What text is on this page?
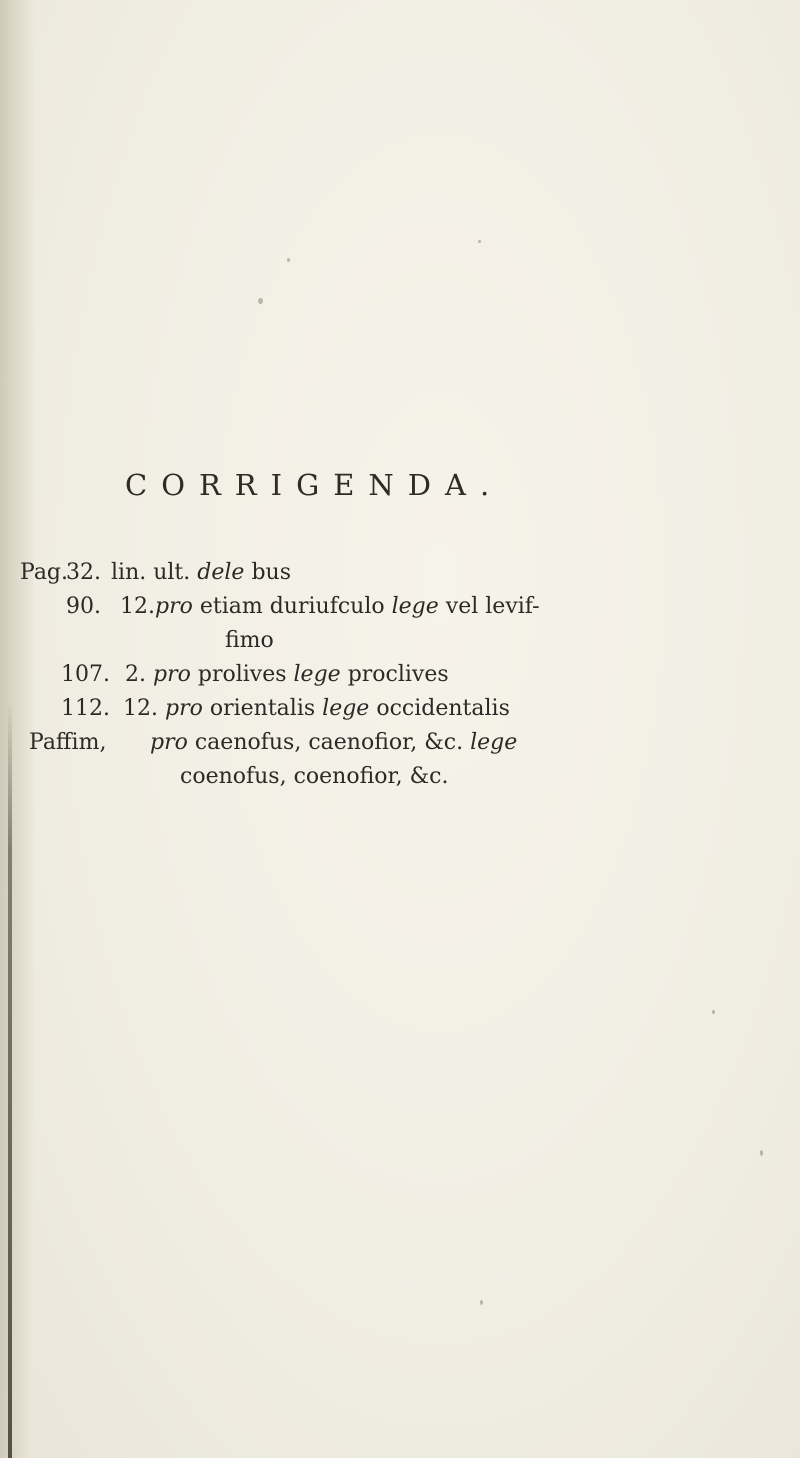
CORRIGENDA.
Pag.
32. lin. ult. dele bus
90. 12.pro etiam duriufculo lege vel levif-
fimo
107. 2. pro prolives lege proclives
112. 12. pro orientalis lege occidentalis
Paffim, pro caenofus, caenofior, &c. lege
coenofus, coenofior, &c.
